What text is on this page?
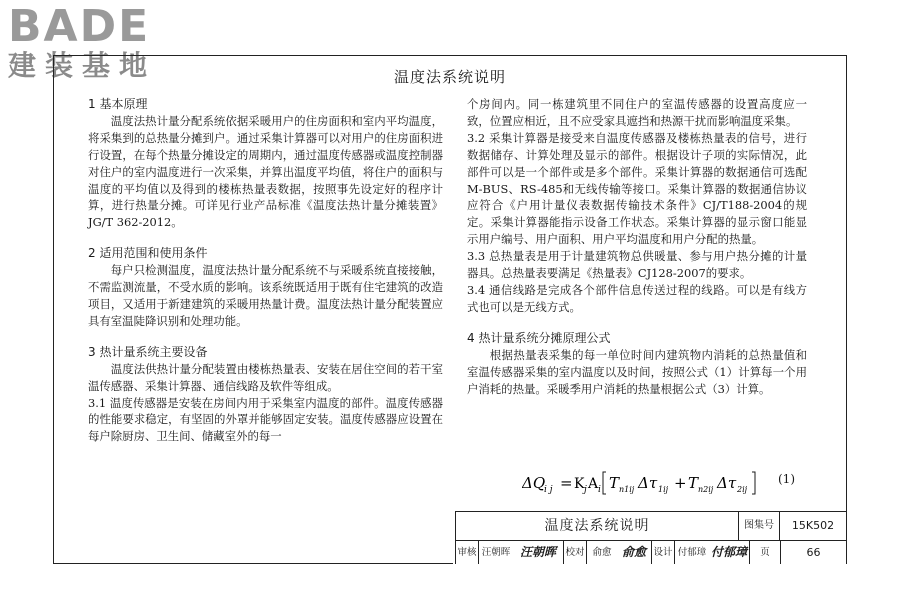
BADE
建装基地	温度法系统说明

1 基本原理

温度法热计量分配系统依据采暖用户的住房面积和室内平均温度，将采集到的总热量分摊到户。通过采集计算器可以对用户的住房面积进行设置，在每个热量分摊设定的周期内，通过温度传感器或温度控制器对住户的室内温度进行一次采集，并算出温度平均值，将住户的面积与温度的平均值以及得到的楼栋热量表数据，按照事先设定好的程序计算，进行热量分摊。可详见行业产品标准《温度法热计量分摊装置》JG/T 362-2012。

2 适用范围和使用条件

每户只检测温度，温度法热计量分配系统不与采暖系统直接接触，不需监测流量，不受水质的影响。该系统既适用于既有住宅建筑的改造项目，又适用于新建建筑的采暖用热量计费。温度法热计量分配装置应具有室温陡降识别和处理功能。

3 热计量系统主要设备

温度法供热计量分配装置由楼栋热量表、安装在居住空间的若干室温传感器、采集计算器、通信线路及软件等组成。

3.1 温度传感器是安装在房间内用于采集室内温度的部件。温度传感器的性能要求稳定，有坚固的外罩并能够固定安装。温度传感器应设置在每户除厨房、卫生间、储藏室外的每一

个房间内。同一栋建筑里不同住户的室温传感器的设置高度应一致，位置应相近，且不应受家具遮挡和热源干扰而影响温度采集。

3.2 采集计算器是接受来自温度传感器及楼栋热量表的信号，进行数据储存、计算处理及显示的部件。根据设计子项的实际情况，此部件可以是一个部件或是多个部件。采集计算器的数据通信可选配 M-BUS、RS-485和无线传输等接口。采集计算器的数据通信协议应符合《户用计量仪表数据传输技术条件》CJ/T188-2004的规定。采集计算器能指示设备工作状态。采集计算器的显示窗口能显示用户编号、用户面积、用户平均温度和用户分配的热量。

3.3 总热量表是用于计量建筑物总供暖量、参与用户热分摊的计量器具。总热量表要满足《热量表》CJ128-2007的要求。

3.4 通信线路是完成各个部件信息传送过程的线路。可以是有线方式也可以是无线方式。

4 热计量系统分摊原理公式

根据热量表采集的每一单位时间内建筑物内消耗的总热量值和室温传感器采集的室内温度以及时间，按照公式（1）计算每一个用户消耗的热量。采暖季用户消耗的热量根据公式（3）计算。

ΔQ
i j = K j A i T n1ij Δτ 1ij + T n2ij Δτ 2ij
(1)
温度法系统说明	图集号	15K502
审核 汪朝晖 汪朝晖 校对 俞愈 俞愈 设计 付郁璋 付郁璋	页	66
